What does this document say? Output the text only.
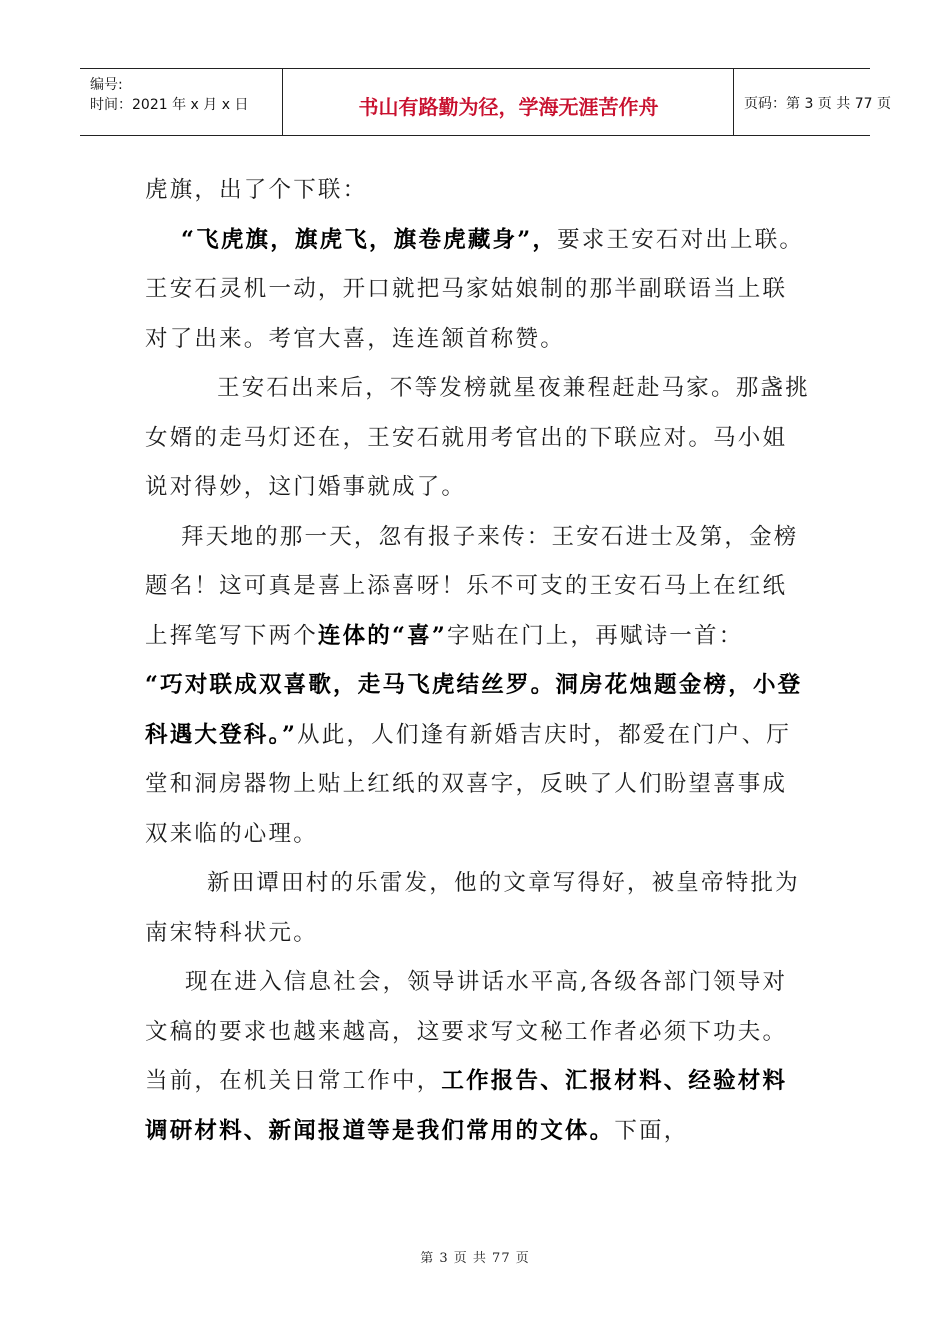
编号:
时间：2021 年 x 月 x 日	书山有路勤为径，学海无涯苦作舟	页码：第 3 页 共 77 页

虎旗，出了个下联：

“飞虎旗，旗虎飞，旗卷虎藏身”，要求王安石对出上联。王安石灵机一动，开口就把马家姑娘制的那半副联语当上联对了出来。考官大喜，连连颔首称赞。

王安石出来后，不等发榜就星夜兼程赶赴马家。那盏挑女婿的走马灯还在，王安石就用考官出的下联应对。马小姐说对得妙，这门婚事就成了。

拜天地的那一天，忽有报子来传：王安石进士及第，金榜题名！这可真是喜上添喜呀！乐不可支的王安石马上在红纸上挥笔写下两个连体的“喜”字贴在门上，再赋诗一首：

“巧对联成双喜歌，走马飞虎结丝罗。洞房花烛题金榜，小登科遇大登科。”从此，人们逢有新婚吉庆时，都爱在门户、厅堂和洞房器物上贴上红纸的双喜字，反映了人们盼望喜事成双来临的心理。

新田谭田村的乐雷发，他的文章写得好，被皇帝特批为南宋特科状元。

现在进入信息社会，领导讲话水平高,各级各部门领导对文稿的要求也越来越高，这要求写文秘工作者必须下功夫。当前，在机关日常工作中，工作报告、汇报材料、经验材料调研材料、新闻报道等是我们常用的文体。下面，

第 3 页 共 77 页
